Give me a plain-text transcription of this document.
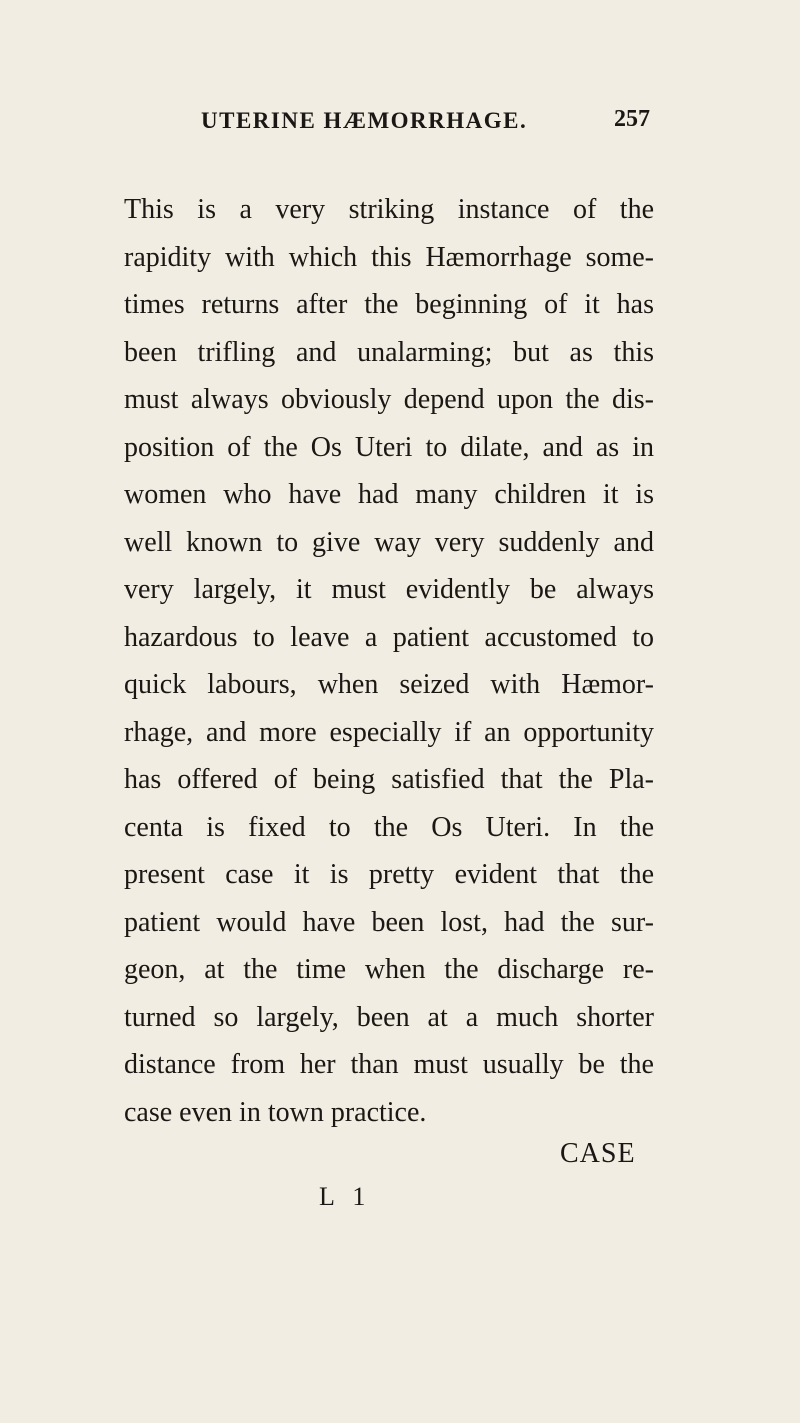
UTERINE HÆMORRHAGE.	257
This is a very striking instance of the
rapidity with which this Hæmorrhage some-
times returns after the beginning of it has
been trifling and unalarming; but as this
must always obviously depend upon the dis-
position of the Os Uteri to dilate, and as in
women who have had many children it is
well known to give way very suddenly and
very largely, it must evidently be always
hazardous to leave a patient accustomed to
quick labours, when seized with Hæmor-
rhage, and more especially if an opportunity
has offered of being satisfied that the Pla-
centa is fixed to the Os Uteri. In the
present case it is pretty evident that the
patient would have been lost, had the sur-
geon, at the time when the discharge re-
turned so largely, been at a much shorter
distance from her than must usually be the
case even in town practice.
CASE
L 1
